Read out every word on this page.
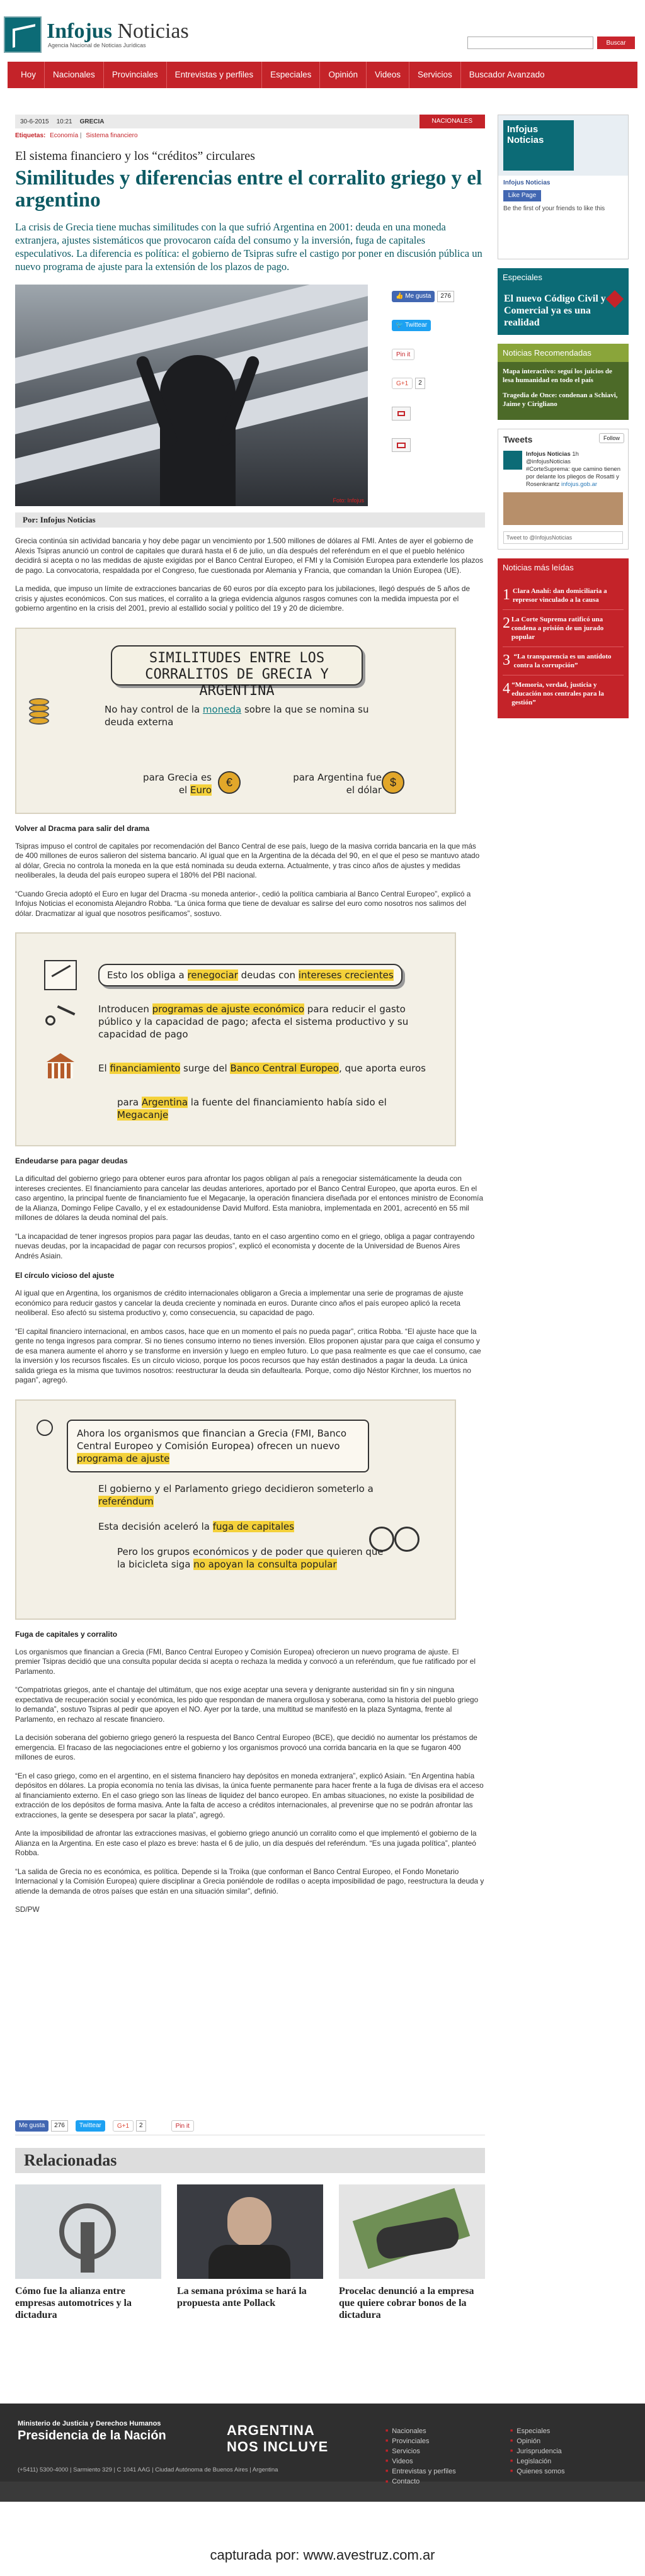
Infojus Noticias
Agencia Nacional de Noticias Jurídicas	Buscar
Hoy	Nacionales	Provinciales	Entrevistas y perfiles	Especiales	Opinión	Videos	Servicios	Buscador Avanzado
30-6-2015 10:21 GRECIA	NACIONALES
Etiquetas: Economía | Sistema financiero
El sistema financiero y los “créditos” circulares
Similitudes y diferencias entre el corralito griego y el argentino

La crisis de Grecia tiene muchas similitudes con la que sufrió Argentina en 2001: deuda en una moneda extranjera, ajustes sistemáticos que provocaron caída del consumo y la inversión, fuga de capitales especulativos. La diferencia es política: el gobierno de Tsipras sufre el castigo por poner en discusión pública un nuevo programa de ajuste para la extensión de los plazos de pago.

Foto: Infojus
👍 Me gusta	276
🐦 Twittear
Pin it
G+1	2
Por: Infojus Noticias

Grecia continúa sin actividad bancaria y hoy debe pagar un vencimiento por 1.500 millones de dólares al FMI. Antes de ayer el gobierno de Alexis Tsipras anunció un control de capitales que durará hasta el 6 de julio, un día después del referéndum en el que el pueblo helénico decidirá si acepta o no las medidas de ajuste exigidas por el Banco Central Europeo, el FMI y la Comisión Europea para extenderle los plazos de pago. La convocatoria, respaldada por el Congreso, fue cuestionada por Alemania y Francia, que comandan la Unión Europea (UE).

La medida, que impuso un límite de extracciones bancarias de 60 euros por día excepto para los jubilaciones, llegó después de 5 años de crisis y ajustes económicos. Con sus matices, el corralito a la griega evidencia algunos rasgos comunes con la medida impuesta por el gobierno argentino en la crisis del 2001, previo al estallido social y político del 19 y 20 de diciembre.

SIMILITUDES ENTRE LOS CORRALITOS DE GRECIA Y ARGENTINA
No hay control de la moneda sobre la que se nomina su deuda externa
para Grecia es
el Euro
€	para Argentina fue
el dólar
$
Volver al Dracma para salir del drama

Tsipras impuso el control de capitales por recomendación del Banco Central de ese país, luego de la masiva corrida bancaria en la que más de 400 millones de euros salieron del sistema bancario. Al igual que en la Argentina de la década del 90, en el que el peso se mantuvo atado al dólar, Grecia no controla la moneda en la que está nominada su deuda externa. Actualmente, y tras cinco años de ajustes y medidas neoliberales, la deuda del país europeo supera el 180% del PBI nacional.

“Cuando Grecia adoptó el Euro en lugar del Dracma -su moneda anterior-, cedió la política cambiaria al Banco Central Europeo”, explicó a Infojus Noticias el economista Alejandro Robba. “La única forma que tiene de devaluar es salirse del euro como nosotros nos salimos del dólar. Dracmatizar al igual que nosotros pesificamos”, sostuvo.

Esto los obliga a renegociar deudas con intereses crecientes
Introducen programas de ajuste económico para reducir el gasto público y la capacidad de pago; afecta el sistema productivo y su capacidad de pago
El financiamiento surge del Banco Central Europeo, que aporta euros
para Argentina la fuente del financiamiento había sido el Megacanje
Endeudarse para pagar deudas

La dificultad del gobierno griego para obtener euros para afrontar los pagos obligan al país a renegociar sistemáticamente la deuda con intereses crecientes. El financiamiento para cancelar las deudas anteriores, aportado por el Banco Central Europeo, que aporta euros. En el caso argentino, la principal fuente de financiamiento fue el Megacanje, la operación financiera diseñada por el entonces ministro de Economía de la Alianza, Domingo Felipe Cavallo, y el ex estadounidense David Mulford. Esta maniobra, implementada en 2001, acrecentó en 55 mil millones de dólares la deuda nominal del país.

“La incapacidad de tener ingresos propios para pagar las deudas, tanto en el caso argentino como en el griego, obliga a pagar contrayendo nuevas deudas, por la incapacidad de pagar con recursos propios”, explicó el economista y docente de la Universidad de Buenos Aires Andrés Asiain.

El círculo vicioso del ajuste

Al igual que en Argentina, los organismos de crédito internacionales obligaron a Grecia a implementar una serie de programas de ajuste económico para reducir gastos y cancelar la deuda creciente y nominada en euros. Durante cinco años el país europeo aplicó la receta neoliberal. Eso afectó su sistema productivo y, como consecuencia, su capacidad de pago.

“El capital financiero internacional, en ambos casos, hace que en un momento el país no pueda pagar”, critica Robba. “El ajuste hace que la gente no tenga ingresos para comprar. Si no tienes consumo interno no tienes inversión. Ellos proponen ajustar para que caiga el consumo y de esa manera aumente el ahorro y se transforme en inversión y luego en empleo futuro. Lo que pasa realmente es que cae el consumo, cae la inversión y los recursos fiscales. Es un círculo vicioso, porque los pocos recursos que hay están destinados a pagar la deuda. La única salida griega es la misma que tuvimos nosotros: reestructurar la deuda sin defaultearla. Porque, como dijo Néstor Kirchner, los muertos no pagan”, agregó.

Ahora los organismos que financian a Grecia (FMI, Banco Central Europeo y Comisión Europea) ofrecen un nuevo programa de ajuste
El gobierno y el Parlamento griego decidieron someterlo a referéndum
Esta decisión aceleró la fuga de capitales
Pero los grupos económicos y de poder que quieren que la bicicleta siga no apoyan la consulta popular
Fuga de capitales y corralito

Los organismos que financian a Grecia (FMI, Banco Central Europeo y Comisión Europea) ofrecieron un nuevo programa de ajuste. El premier Tsipras decidió que una consulta popular decida si acepta o rechaza la medida y convocó a un referéndum, que fue ratificado por el Parlamento.

“Compatriotas griegos, ante el chantaje del ultimátum, que nos exige aceptar una severa y denigrante austeridad sin fin y sin ninguna expectativa de recuperación social y económica, les pido que respondan de manera orgullosa y soberana, como la historia del pueblo griego lo demanda”, sostuvo Tsipras al pedir que apoyen el NO. Ayer por la tarde, una multitud se manifestó en la plaza Syntagma, frente al Parlamento, en rechazo al rescate financiero.

La decisión soberana del gobierno griego generó la respuesta del Banco Central Europeo (BCE), que decidió no aumentar los préstamos de emergencia. El fracaso de las negociaciones entre el gobierno y los organismos provocó una corrida bancaria en la que se fugaron 400 millones de euros.

“En el caso griego, como en el argentino, en el sistema financiero hay depósitos en moneda extranjera”, explicó Asiain. “En Argentina había depósitos en dólares. La propia economía no tenía las divisas, la única fuente permanente para hacer frente a la fuga de divisas era el acceso al financiamiento externo. En el caso griego son las líneas de liquidez del banco europeo. En ambas situaciones, no existe la posibilidad de extracción de los depósitos de forma masiva. Ante la falta de acceso a créditos internacionales, al prevenirse que no se podrán afrontar las extracciones, la gente se desespera por sacar la plata”, agregó.

Ante la imposibilidad de afrontar las extracciones masivas, el gobierno griego anunció un corralito como el que implementó el gobierno de la Alianza en la Argentina. En este caso el plazo es breve: hasta el 6 de julio, un día después del referéndum. “Es una jugada política”, planteó Robba.

“La salida de Grecia no es económica, es política. Depende si la Troika (que conforman el Banco Central Europeo, el Fondo Monetario Internacional y la Comisión Europea) quiere disciplinar a Grecia poniéndole de rodillas o acepta imposibilidad de pago, reestructura la deuda y atiende la demanda de otros países que están en una situación similar”, definió.

SD/PW

Me gusta	276	Twittear	G+1	2	Pin it
Relacionadas
Cómo fue la alianza entre empresas automotrices y la dictadura
La semana próxima se hará la propuesta ante Pollack
Procelac denunció a la empresa que quiere cobrar bonos de la dictadura
Infojus Noticias
Infojus Noticias
Like Page
Be the first of your friends to like this
Especiales
El nuevo Código Civil y Comercial ya es una realidad
Noticias Recomendadas
Mapa interactivo: seguí los juicios de lesa humanidad en todo el país
Tragedia de Once: condenan a Schiavi, Jaime y Cirigliano
Tweets	Follow
Infojus Noticias 1h
@infojusNoticias
#CorteSuprema: que camino tienen por delante los pliegos de Rosatti y Rosenkrantz infojus.gob.ar
Tweet to @InfojusNoticias
Noticias más leídas
1 Clara Anahí: dan domiciliaria a represor vinculado a la causa
2 La Corte Suprema ratificó una condena a prisión de un jurado popular
3 “La transparencia es un antídoto contra la corrupción”
4 “Memoria, verdad, justicia y educación nos centrales para la gestión”
Ministerio de Justicia y Derechos Humanos
Presidencia de la Nación	ARGENTINA
NOS INCLUYE
■ Nacionales
■ Provinciales
■ Servicios
■ Videos
■ Entrevistas y perfiles
■ Contacto
■ Especiales
■ Opinión
■ Jurisprudencia
■ Legislación
■ Quienes somos
(+5411) 5300-4000 | Sarmiento 329 | C 1041 AAG | Ciudad Autónoma de Buenos Aires | Argentina
capturada por: www.avestruz.com.ar
